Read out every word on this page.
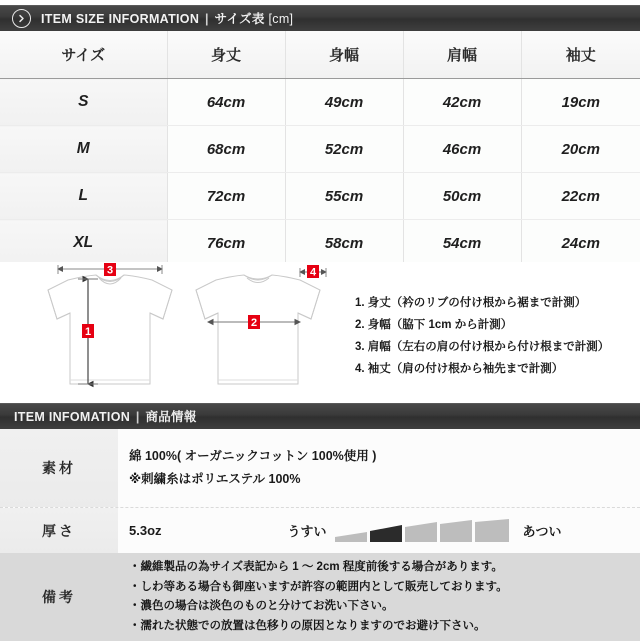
ITEM SIZE INFORMATION | サイズ表 [cm]
サイズ	身丈	身幅	肩幅	袖丈
S	64cm	49cm	42cm	19cm
M	68cm	52cm	46cm	20cm
L	72cm	55cm	50cm	22cm
XL	76cm	58cm	54cm	24cm
1
3
2
4
1. 身丈（衿のリブの付け根から裾まで計測）
2. 身幅（脇下 1cm から計測）
3. 肩幅（左右の肩の付け根から付け根まで計測）
4. 袖丈（肩の付け根から袖先まで計測）
ITEM INFOMATION | 商品情報
素材
綿 100%( オーガニックコットン 100%使用 )
※刺繍糸はポリエステル 100%
厚さ	5.3oz	うすい	あつい
備考
・繊維製品の為サイズ表記から 1 ～ 2cm 程度前後する場合があります。
・しわ等ある場合も御座いますが許容の範囲内として販売しております。
・濃色の場合は淡色のものと分けてお洗い下さい。
・濡れた状態での放置は色移りの原因となりますのでお避け下さい。
